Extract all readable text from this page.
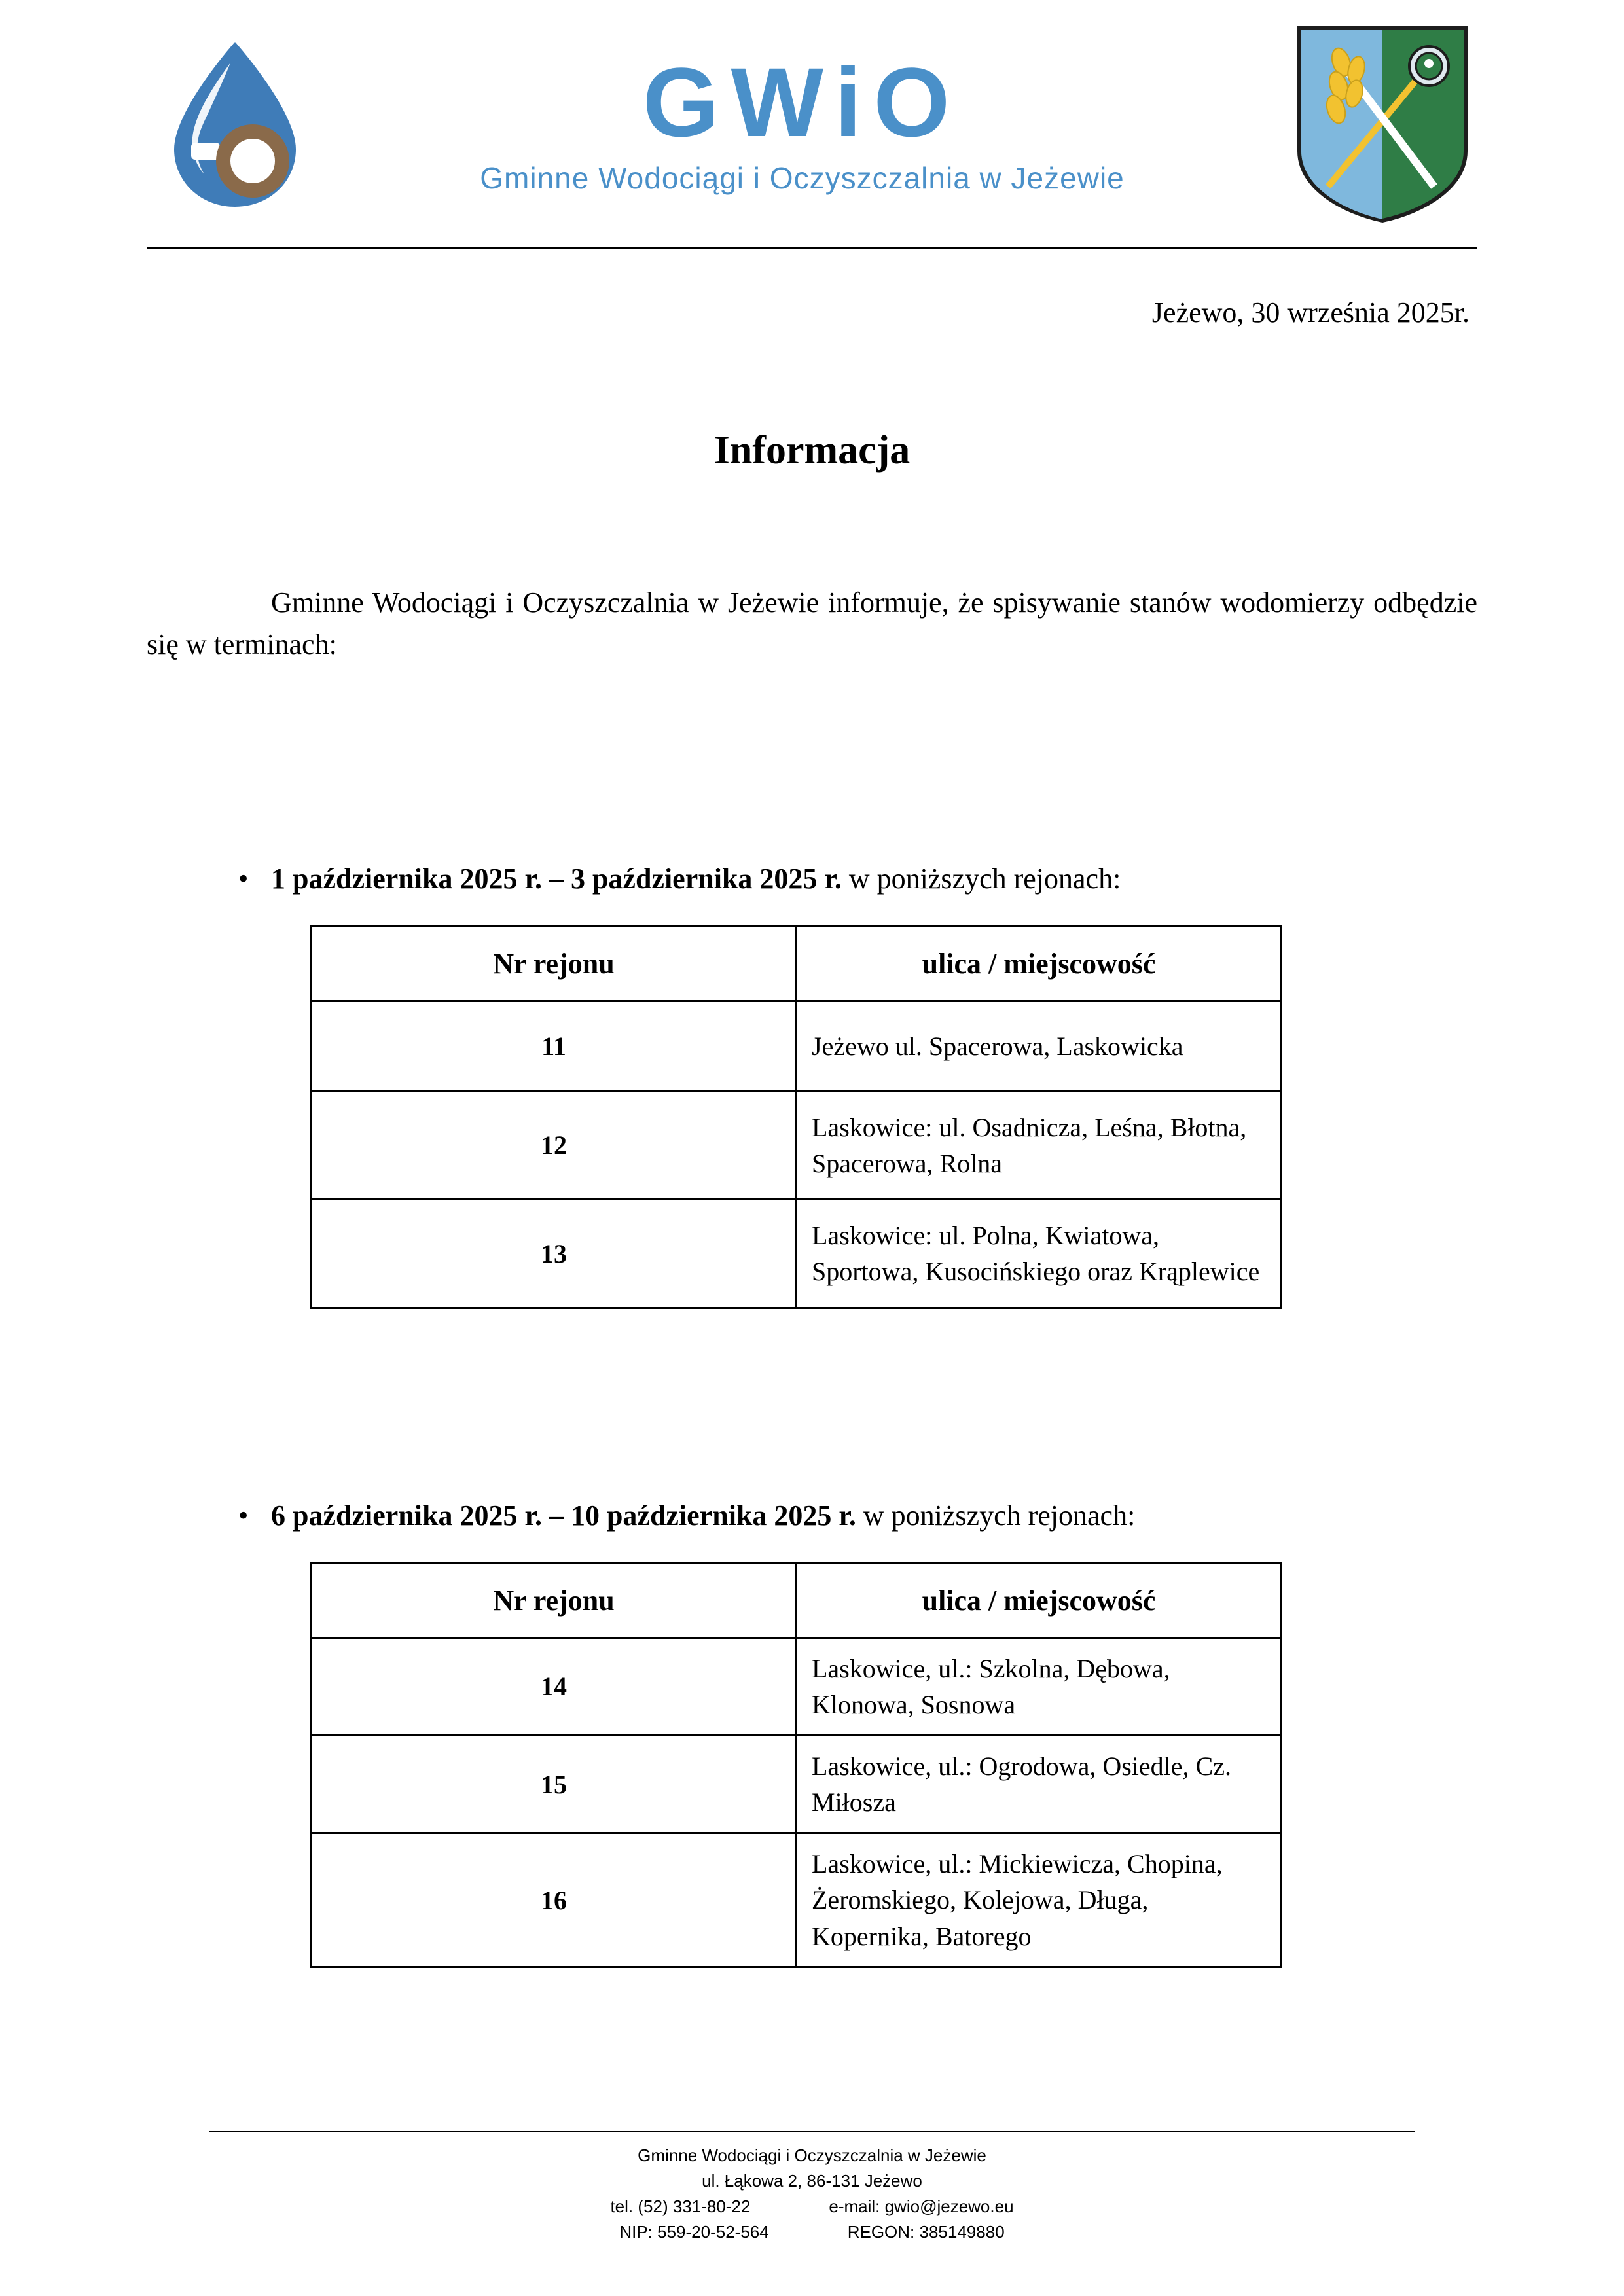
GWiO
Gminne Wodociągi i Oczyszczalnia w Jeżewie
Jeżewo, 30 września 2025r.
Informacja
Gminne Wodociągi i Oczyszczalnia w Jeżewie informuje, że spisywanie stanów wodomierzy odbędzie się w terminach:
• 1 października 2025 r. – 3 października 2025 r. w poniższych rejonach:
Nr rejonu	ulica / miejscowość
11	Jeżewo ul. Spacerowa, Laskowicka
12	Laskowice: ul. Osadnicza, Leśna, Błotna, Spacerowa, Rolna
13	Laskowice: ul. Polna, Kwiatowa, Sportowa, Kusocińskiego oraz Krąplewice
• 6 października 2025 r. – 10 października 2025 r. w poniższych rejonach:
Nr rejonu	ulica / miejscowość
14	Laskowice, ul.: Szkolna, Dębowa, Klonowa, Sosnowa
15	Laskowice, ul.: Ogrodowa, Osiedle, Cz. Miłosza
16	Laskowice, ul.: Mickiewicza, Chopina, Żeromskiego, Kolejowa, Długa, Kopernika, Batorego
Gminne Wodociągi i Oczyszczalnia w Jeżewie
ul. Łąkowa 2, 86-131 Jeżewo
tel. (52) 331-80-22	e-mail: gwio@jezewo.eu
NIP: 559-20-52-564	REGON: 385149880
